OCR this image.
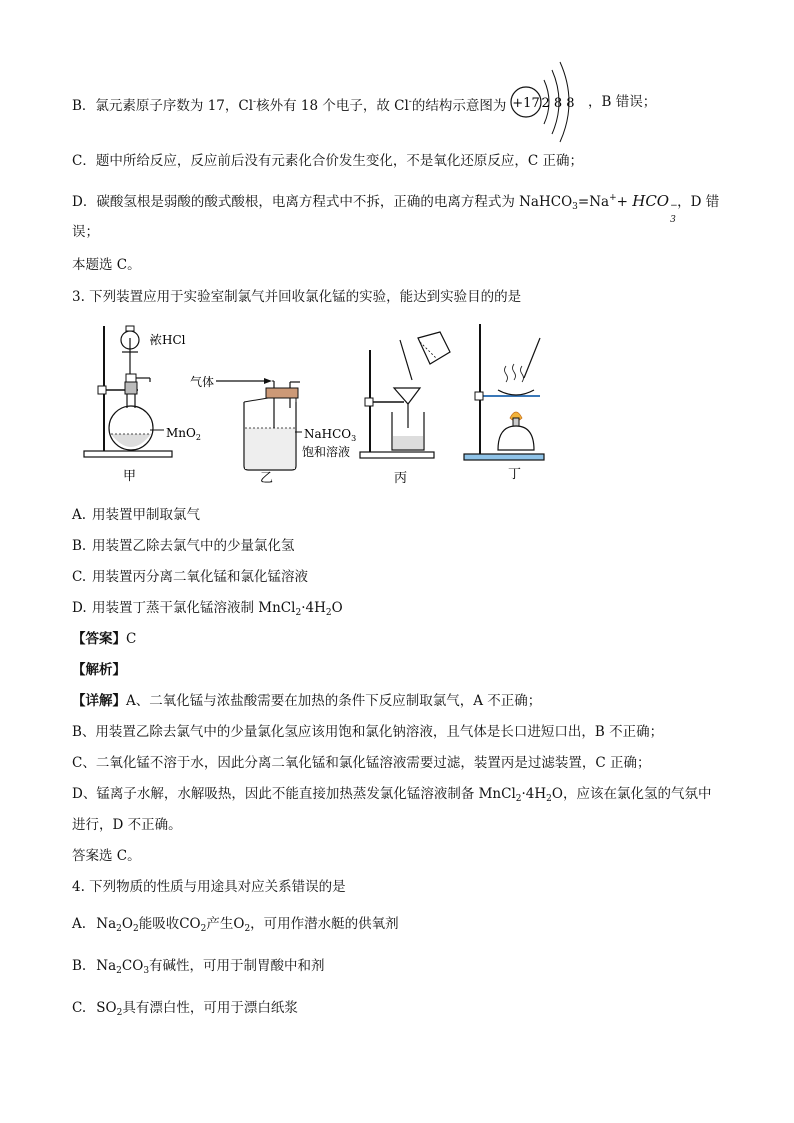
B．氯元素原子序数为 17，Cl-核外有 18 个电子，故 Cl-的结构示意图为 +17 2 8 8 ，B 错误；
C．题中所给反应，反应前后没有元素化合价发生变化，不是氧化还原反应，C 正确；
D．碳酸氢根是弱酸的酸式酸根，电离方程式中不拆，正确的电离方程式为 NaHCO$_3$=Na++ HCO −
3
，D 错
误；
本题选 C。
3. 下列装置应用于实验室制氯气并回收氯化锰的实验，能达到实验目的的是
浓HCl
MnO$_2$
甲
气体
NaHCO$_3$
饱和溶液
乙	丙	丁
A. 用装置甲制取氯气
B. 用装置乙除去氯气中的少量氯化氢
C. 用装置丙分离二氧化锰和氯化锰溶液
D. 用装置丁蒸干氯化锰溶液制 $MnCl_2\cdot 4H_2O$
【答案】C
【解析】
【详解】A、二氧化锰与浓盐酸需要在加热的条件下反应制取氯气，A 不正确；
B、用装置乙除去氯气中的少量氯化氢应该用饱和氯化钠溶液，且气体是长口进短口出，B 不正确；
C、二氧化锰不溶于水，因此分离二氧化锰和氯化锰溶液需要过滤，装置丙是过滤装置，C 正确；
D、锰离子水解，水解吸热，因此不能直接加热蒸发氯化锰溶液制备 $MnCl_2\cdot 4H_2O$，应该在氯化氢的气氛中
进行，D 不正确。
答案选 C。
4. 下列物质的性质与用途具对应关系错误的是
A. $Na_2O_2$能吸收$CO_2$产生$O_2$，可用作潜水艇的供氧剂
B. $Na_2CO_3$有碱性，可用于制胃酸中和剂
C. $SO_2$具有漂白性，可用于漂白纸浆
